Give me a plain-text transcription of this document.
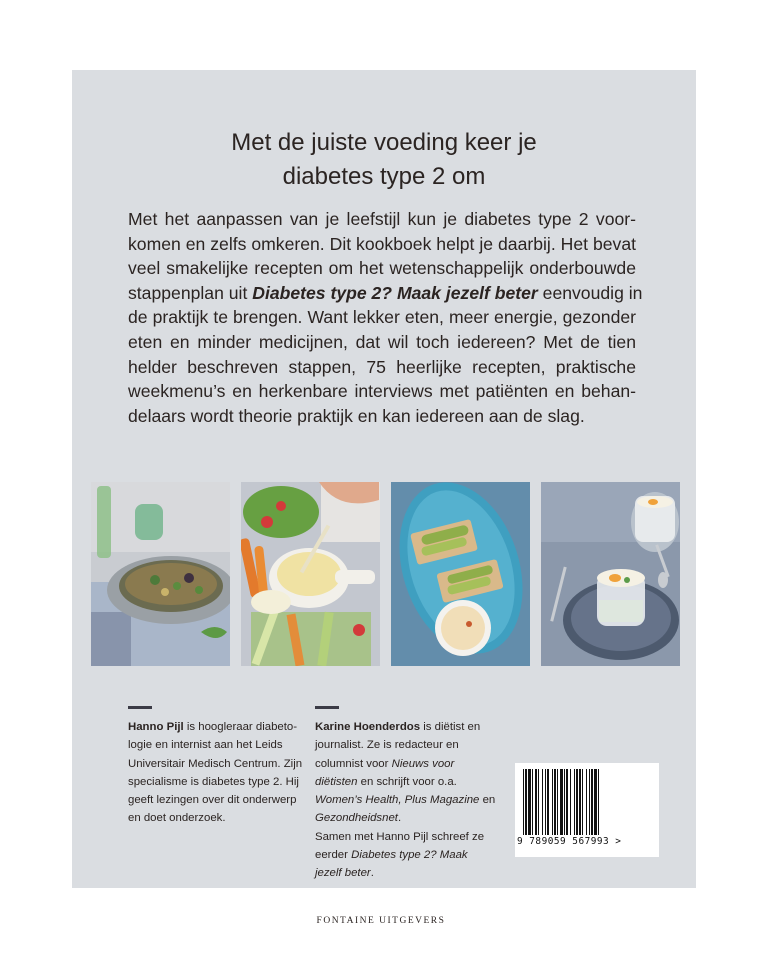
Met de juiste voeding keer je
diabetes type 2 om
Met het aanpassen van je leefstijl kun je diabetes type 2 voor-
komen en zelfs omkeren. Dit kookboek helpt je daarbij. Het bevat
veel smakelijke recepten om het wetenschappelijk onderbouwde
stappenplan uit Diabetes type 2? Maak jezelf beter eenvoudig in
de praktijk te brengen. Want lekker eten, meer energie, gezonder
eten en minder medicijnen, dat wil toch iedereen? Met de tien
helder beschreven stappen, 75 heerlijke recepten, praktische
weekmenu’s en herkenbare interviews met patiënten en behan-
delaars wordt theorie praktijk en kan iedereen aan de slag.
Hanno Pijl is hoogleraar diabeto-
logie en internist aan het Leids
Universitair Medisch Centrum. Zijn
specialisme is diabetes type 2. Hij
geeft lezingen over dit onderwerp
en doet onderzoek.
Karine Hoenderdos is diëtist en
journalist. Ze is redacteur en
columnist voor Nieuws voor
diëtisten en schrijft voor o.a.
Women’s Health, Plus Magazine en
Gezondheidsnet.
Samen met Hanno Pijl schreef ze
eerder Diabetes type 2? Maak
jezelf beter.
9 789059 567993 >
FONTAINE UITGEVERS
